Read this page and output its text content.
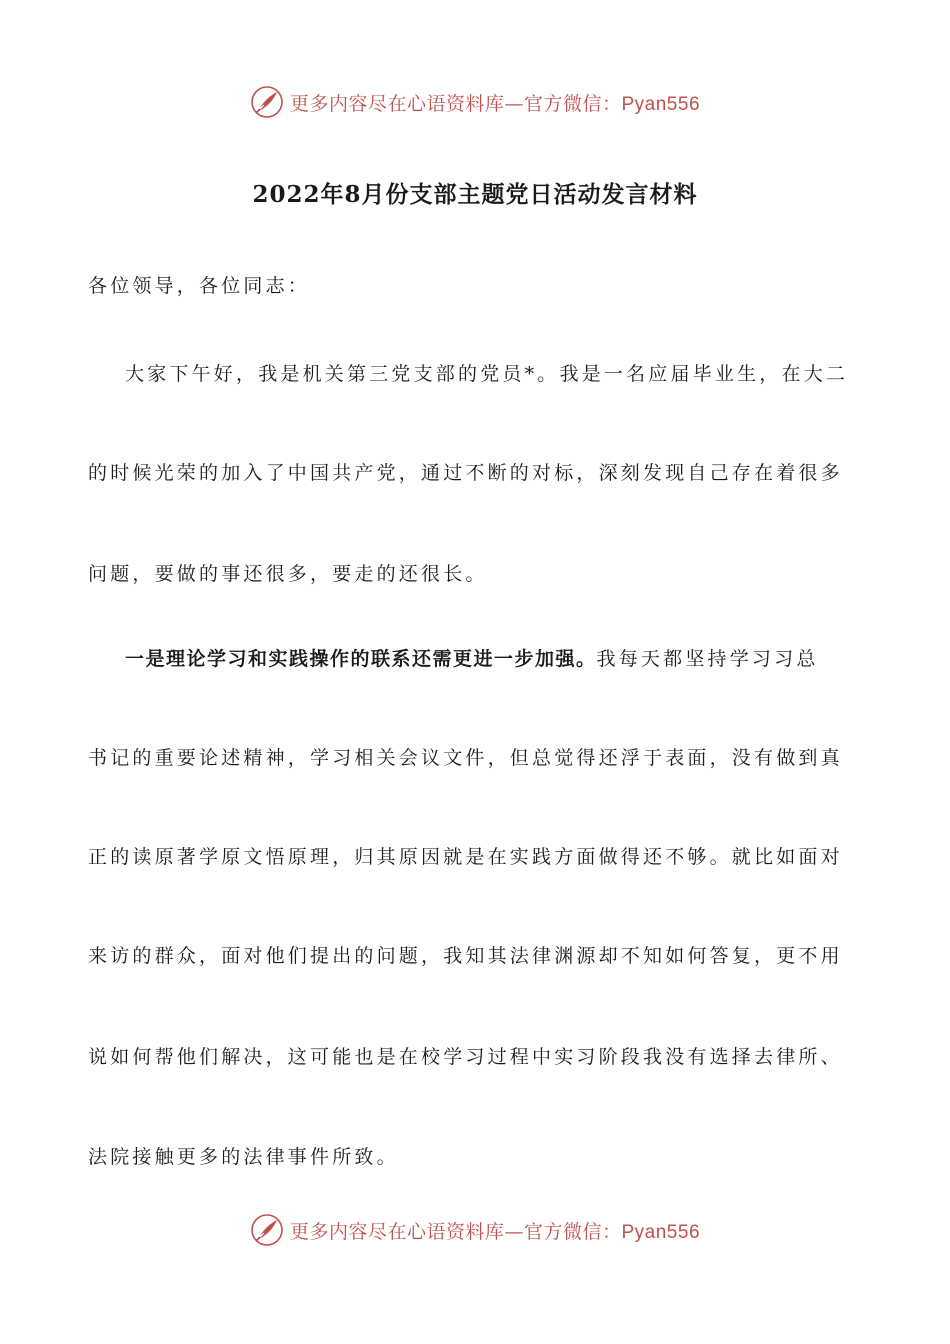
更多内容尽在心语资料库—官方微信：Pyan556
2022年8月份支部主题党日活动发言材料
各位领导，各位同志：
大家下午好，我是机关第三党支部的党员*。我是一名应届毕业生，在大二
的时候光荣的加入了中国共产党，通过不断的对标，深刻发现自己存在着很多
问题，要做的事还很多，要走的还很长。
一是理论学习和实践操作的联系还需更进一步加强。我每天都坚持学习习总
书记的重要论述精神，学习相关会议文件，但总觉得还浮于表面，没有做到真
正的读原著学原文悟原理，归其原因就是在实践方面做得还不够。就比如面对
来访的群众，面对他们提出的问题，我知其法律渊源却不知如何答复，更不用
说如何帮他们解决，这可能也是在校学习过程中实习阶段我没有选择去律所、
法院接触更多的法律事件所致。
更多内容尽在心语资料库—官方微信：Pyan556
